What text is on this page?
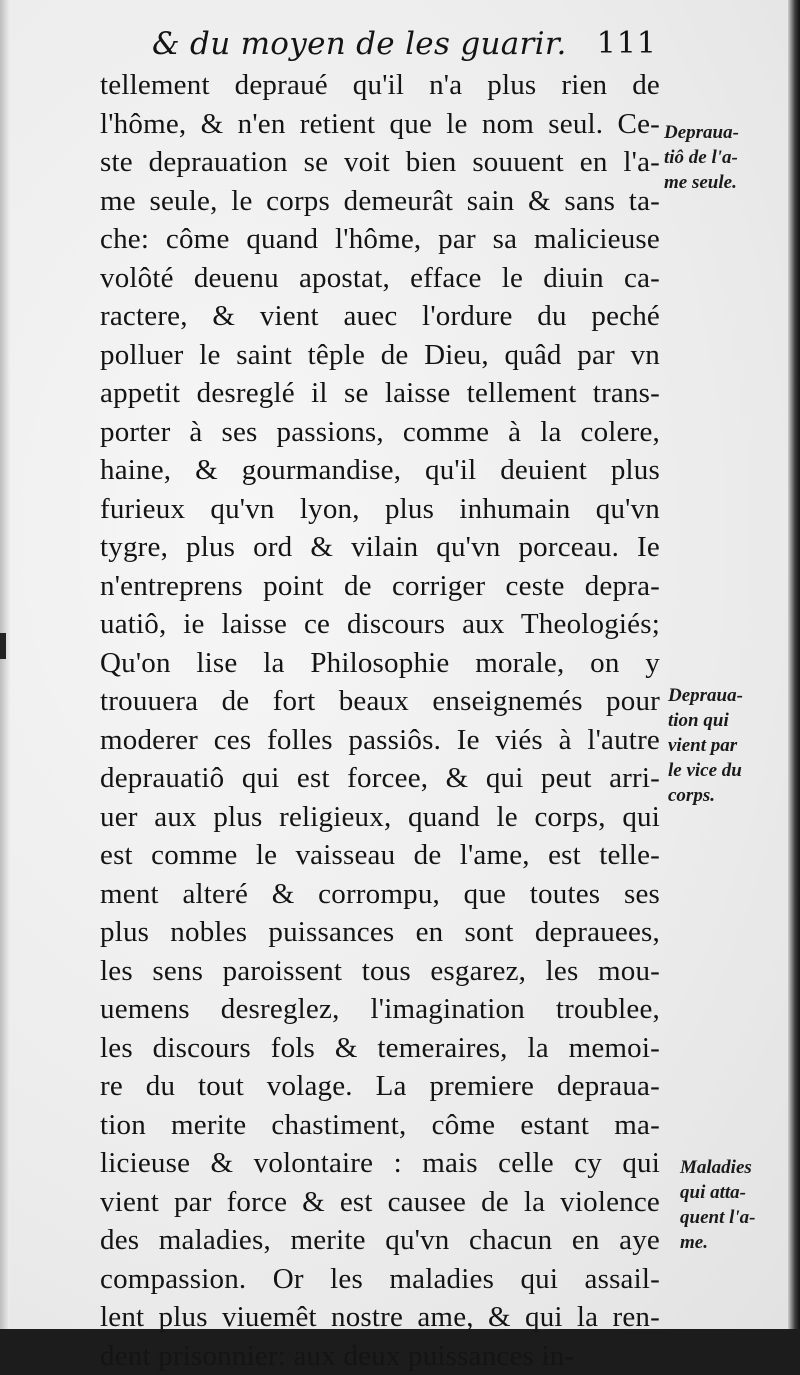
& du moyen de les guarir. 111
tellement depraué qu'il n'a plus rien de
l'hôme, & n'en retient que le nom seul. Ce-
ste deprauation se voit bien souuent en l'a-
me seule, le corps demeurât sain & sans ta-
che: côme quand l'hôme, par sa malicieuse
volôté deuenu apostat, efface le diuin ca-
ractere, & vient auec l'ordure du peché
polluer le saint têple de Dieu, quâd par vn
appetit desreglé il se laisse tellement trans-
porter à ses passions, comme à la colere,
haine, & gourmandise, qu'il deuient plus
furieux qu'vn lyon, plus inhumain qu'vn
tygre, plus ord & vilain qu'vn porceau. Ie
n'entreprens point de corriger ceste depra-
uatiô, ie laisse ce discours aux Theologiés;
Qu'on lise la Philosophie morale, on y
trouuera de fort beaux enseignemés pour
moderer ces folles passiôs. Ie viés à l'autre
deprauatiô qui est forcee, & qui peut arri-
uer aux plus religieux, quand le corps, qui
est comme le vaisseau de l'ame, est telle-
ment alteré & corrompu, que toutes ses
plus nobles puissances en sont deprauees,
les sens paroissent tous esgarez, les mou-
uemens desreglez, l'imagination troublee,
les discours fols & temeraires, la memoi-
re du tout volage. La premiere deprauа-
tion merite chastiment, côme estant ma-
licieuse & volontaire : mais celle cy qui
vient par force & est causee de la violence
des maladies, merite qu'vn chacun en aye
compassion. Or les maladies qui assail-
lent plus viuemêt nostre ame, & qui la ren-
dent prisonnier: aux deux puissances in-
Deprauа-
tiô de l'a-
me seule.
Deprauа-
tion qui
vient par
le vice du
corps.
Maladies
qui atta-
quent l'a-
me.
